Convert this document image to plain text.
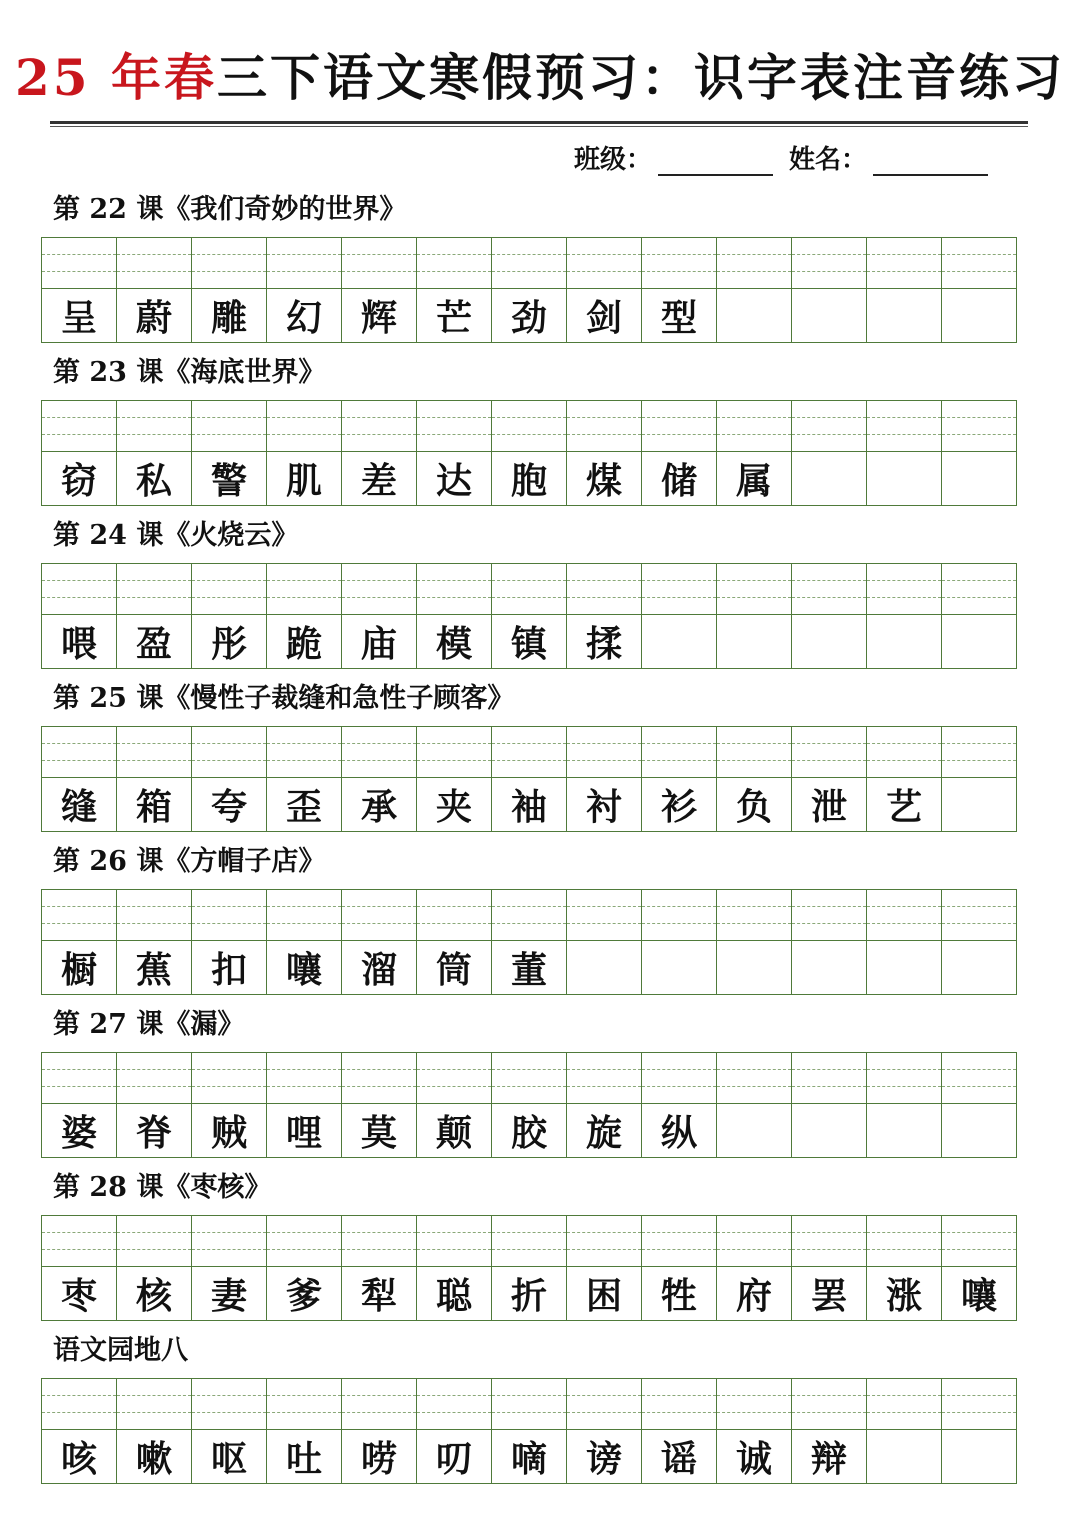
25 年春三下语文寒假预习：识字表注音练习
班级：	姓名：
第 22 课《我们奇妙的世界》
呈	蔚	雕	幻	辉	芒	劲	剑	型
第 23 课《海底世界》
窃	私	警	肌	差	达	胞	煤	储	属
第 24 课《火烧云》
喂	盈	彤	跪	庙	模	镇	揉
第 25 课《慢性子裁缝和急性子顾客》
缝	箱	夸	歪	承	夹	袖	衬	衫	负	泄	艺
第 26 课《方帽子店》
橱	蕉	扣	嚷	溜	筒	董
第 27 课《漏》
婆	脊	贼	哩	莫	颠	胶	旋	纵
第 28 课《枣核》
枣	核	妻	爹	犁	聪	折	困	牲	府	罢	涨	嚷
语文园地八
咳	嗽	呕	吐	唠	叨	嘀	谤	谣	诚	辩
